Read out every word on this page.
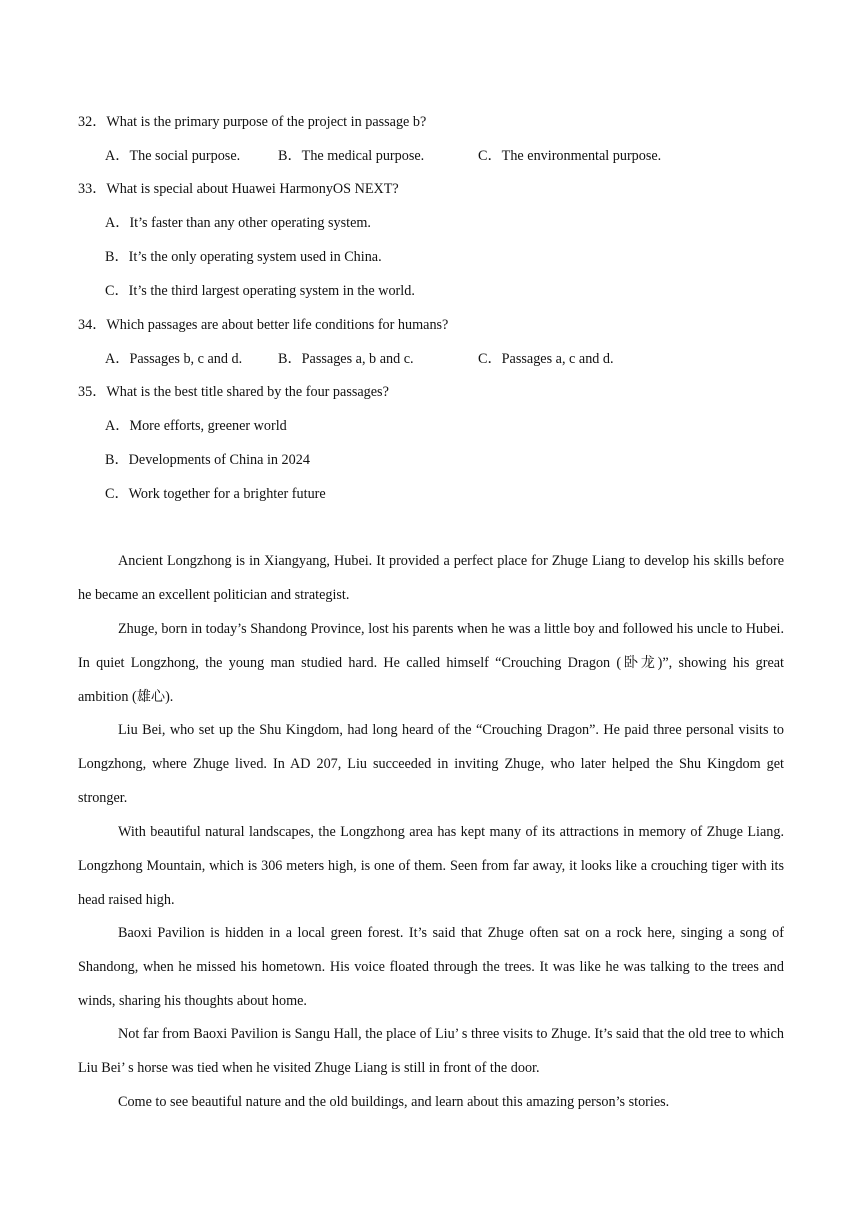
32．What is the primary purpose of the project in passage b?
A．The social purpose.	B．The medical purpose.	C．The environmental purpose.
33．What is special about Huawei HarmonyOS NEXT?
A．It’s faster than any other operating system.
B．It’s the only operating system used in China.
C．It’s the third largest operating system in the world.
34．Which passages are about better life conditions for humans?
A．Passages b, c and d.	B．Passages a, b and c.	C．Passages a, c and d.
35．What is the best title shared by the four passages?
A．More efforts, greener world
B．Developments of China in 2024
C．Work together for a brighter future

Ancient Longzhong is in Xiangyang, Hubei. It provided a perfect place for Zhuge Liang to develop his skills before he became an excellent politician and strategist.

Zhuge, born in today’s Shandong Province, lost his parents when he was a little boy and followed his uncle to Hubei. In quiet Longzhong, the young man studied hard. He called himself “Crouching Dragon (卧龙)”, showing his great ambition (雄心).

Liu Bei, who set up the Shu Kingdom, had long heard of the “Crouching Dragon”. He paid three personal visits to Longzhong, where Zhuge lived. In AD 207, Liu succeeded in inviting Zhuge, who later helped the Shu Kingdom get stronger.

With beautiful natural landscapes, the Longzhong area has kept many of its attractions in memory of Zhuge Liang. Longzhong Mountain, which is 306 meters high, is one of them. Seen from far away, it looks like a crouching tiger with its head raised high.

Baoxi Pavilion is hidden in a local green forest. It’s said that Zhuge often sat on a rock here, singing a song of Shandong, when he missed his hometown. His voice floated through the trees. It was like he was talking to the trees and winds, sharing his thoughts about home.

Not far from Baoxi Pavilion is Sangu Hall, the place of Liu’ s three visits to Zhuge. It’s said that the old tree to which Liu Bei’ s horse was tied when he visited Zhuge Liang is still in front of the door.

Come to see beautiful nature and the old buildings, and learn about this amazing person’s stories.
